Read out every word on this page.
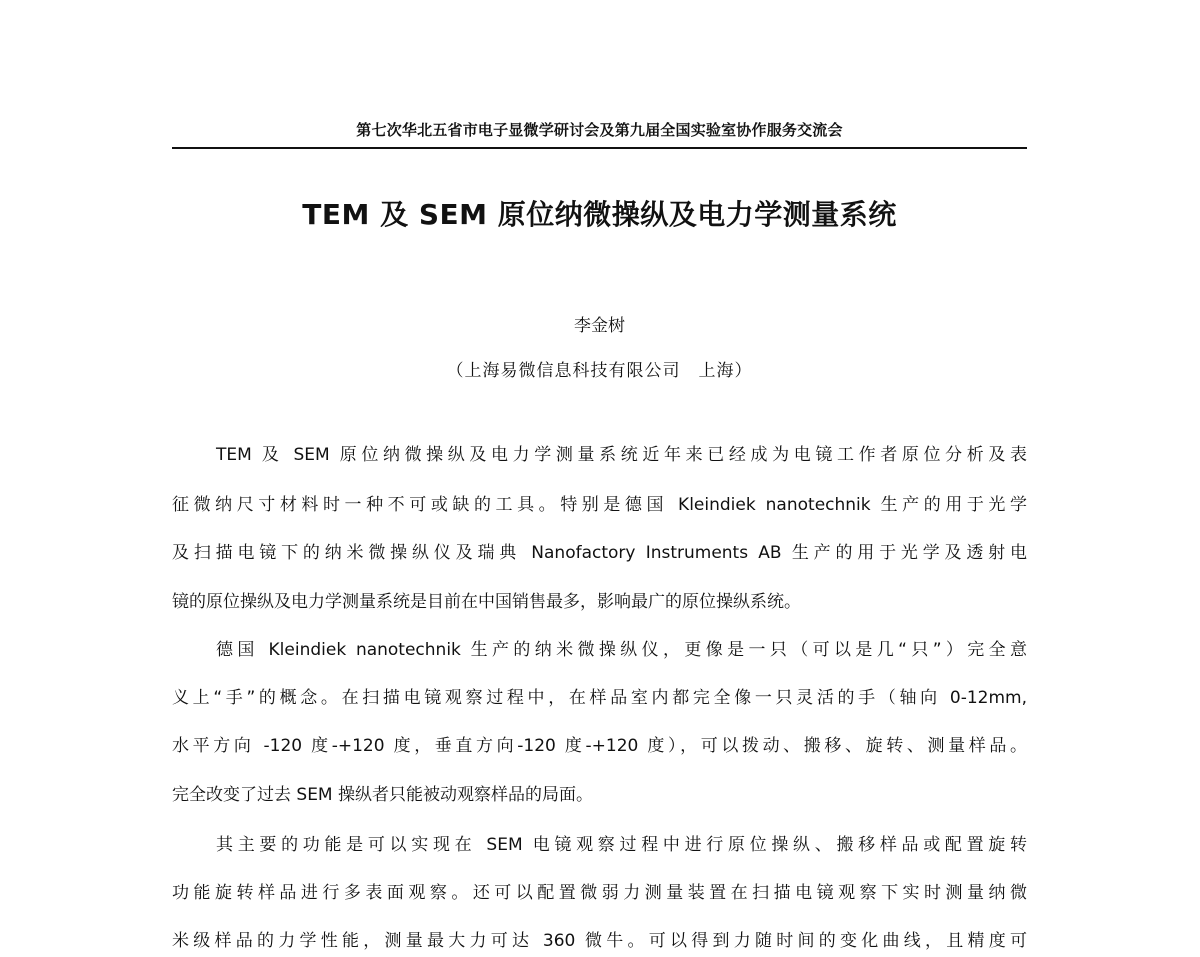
第七次华北五省市电子显微学研讨会及第九届全国实验室协作服务交流会
TEM 及 SEM 原位纳微操纵及电力学测量系统
李金树
（上海易微信息科技有限公司　上海）
TEM 及 SEM 原位纳微操纵及电力学测量系统近年来已经成为电镜工作者原位分析及表
征微纳尺寸材料时一种不可或缺的工具。特别是德国 Kleindiek nanotechnik 生产的用于光学
及扫描电镜下的纳米微操纵仪及瑞典 Nanofactory Instruments AB 生产的用于光学及透射电
镜的原位操纵及电力学测量系统是目前在中国销售最多，影响最广的原位操纵系统。
德国 Kleindiek nanotechnik 生产的纳米微操纵仪，更像是一只（可以是几“只”）完全意
义上“手”的概念。在扫描电镜观察过程中，在样品室内都完全像一只灵活的手（轴向 0-12mm,
水平方向 -120 度-+120 度，垂直方向-120 度-+120 度），可以拨动、搬移、旋转、测量样品。
完全改变了过去 SEM 操纵者只能被动观察样品的局面。
其主要的功能是可以实现在 SEM 电镜观察过程中进行原位操纵、搬移样品或配置旋转
功能旋转样品进行多表面观察。还可以配置微弱力测量装置在扫描电镜观察下实时测量纳微
米级样品的力学性能，测量最大力可达 360 微牛。可以得到力随时间的变化曲线，且精度可
